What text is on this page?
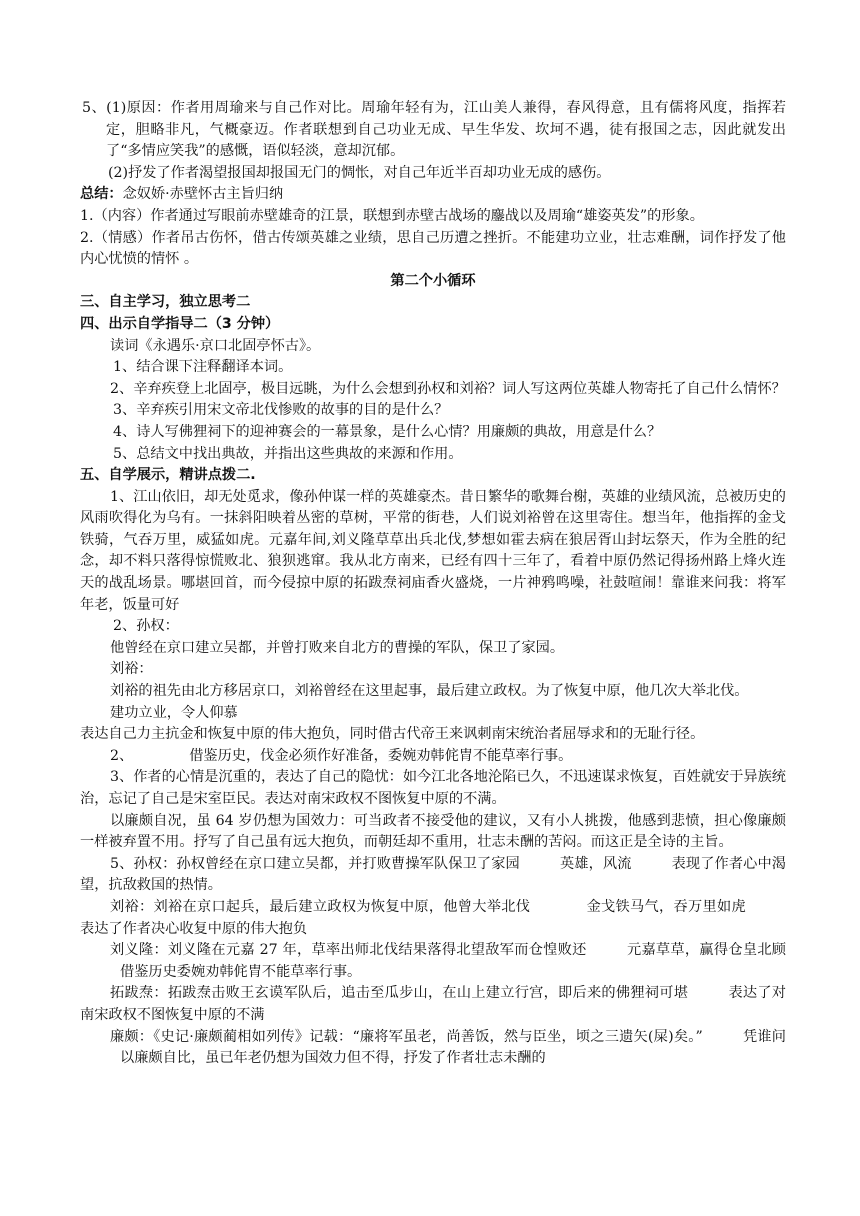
5、(1)原因：作者用周瑜来与自己作对比。周瑜年轻有为，江山美人兼得，春风得意，且有儒将风度，指挥若定，胆略非凡，气概豪迈。作者联想到自己功业无成、早生华发、坎坷不遇，徒有报国之志，因此就发出了“多情应笑我”的感慨，语似轻淡，意却沉郁。

(2)抒发了作者渴望报国却报国无门的惆怅，对自己年近半百却功业无成的感伤。

总结：念奴娇·赤壁怀古主旨归纳

1.（内容）作者通过写眼前赤壁雄奇的江景，联想到赤壁古战场的鏖战以及周瑜“雄姿英发”的形象。

2.（情感）作者吊古伤怀，借古传颂英雄之业绩，思自己历遭之挫折。不能建功立业，壮志难酬，词作抒发了他内心忧愤的情怀 。

第二个小循环

三、自主学习，独立思考二

四、出示自学指导二（3 分钟）

读词《永遇乐·京口北固亭怀古》。

1、结合课下注释翻译本词。

2、辛弃疾登上北固亭，极目远眺，为什么会想到孙权和刘裕？词人写这两位英雄人物寄托了自己什么情怀？

3、辛弃疾引用宋文帝北伐惨败的故事的目的是什么？

4、诗人写佛狸祠下的迎神赛会的一幕景象，是什么心情？用廉颇的典故，用意是什么？

5、总结文中找出典故，并指出这些典故的来源和作用。

五、自学展示，精讲点拨二.

1、江山依旧，却无处觅求，像孙仲谋一样的英雄豪杰。昔日繁华的歌舞台榭，英雄的业绩风流，总被历史的风雨吹得化为乌有。一抹斜阳映着丛密的草树，平常的街巷，人们说刘裕曾在这里寄住。想当年，他指挥的金戈铁骑，气吞万里，威猛如虎。元嘉年间,刘义隆草草出兵北伐,梦想如霍去病在狼居胥山封坛祭天，作为全胜的纪念，却不料只落得惊慌败北、狼狈逃窜。我从北方南来，已经有四十三年了，看着中原仍然记得扬州路上烽火连天的战乱场景。哪堪回首，而今侵掠中原的拓跋焘祠庙香火盛烧，一片神鸦鸣噪，社鼓喧闹！靠谁来问我：将军年老，饭量可好

2、孙权：

他曾经在京口建立吴都，并曾打败来自北方的曹操的军队，保卫了家园。

刘裕：

刘裕的祖先由北方移居京口，刘裕曾经在这里起事，最后建立政权。为了恢复中原，他几次大举北伐。

建功立业，令人仰慕

表达自己力主抗金和恢复中原的伟大抱负，同时借古代帝王来讽刺南宋统治者屈辱求和的无耻行径。

2、	借鉴历史，伐金必须作好准备，委婉劝韩侂胄不能草率行事。

3、作者的心情是沉重的，表达了自己的隐忧：如今江北各地沦陷已久，不迅速谋求恢复，百姓就安于异族统治，忘记了自己是宋室臣民。表达对南宋政权不图恢复中原的不满。

以廉颇自况，虽 64 岁仍想为国效力：可当政者不接受他的建议，又有小人挑拨，他感到悲愤，担心像廉颇一样被弃置不用。抒写了自己虽有远大抱负，而朝廷却不重用，壮志未酬的苦闷。而这正是全诗的主旨。

5、孙权：孙权曾经在京口建立吴都，并打败曹操军队保卫了家园	英雄，风流	表现了作者心中渴望，抗敌救国的热情。

刘裕：刘裕在京口起兵，最后建立政权为恢复中原，他曾大举北伐	金戈铁马气，吞万里如虎表达了作者决心收复中原的伟大抱负

刘义隆：刘义隆在元嘉 27 年，草率出师北伐结果落得北望敌军而仓惶败还	元嘉草草，赢得仓皇北顾借鉴历史委婉劝韩侂胄不能草率行事。

拓跋焘：拓跋焘击败王玄谟军队后，追击至瓜步山，在山上建立行宫，即后来的佛狸祠可堪	表达了对南宋政权不图恢复中原的不满

廉颇：《史记·廉颇蔺相如列传》记载：“廉将军虽老，尚善饭，然与臣坐，顷之三遗矢(屎)矣。”	凭谁问以廉颇自比，虽已年老仍想为国效力但不得，抒发了作者壮志未酬的
